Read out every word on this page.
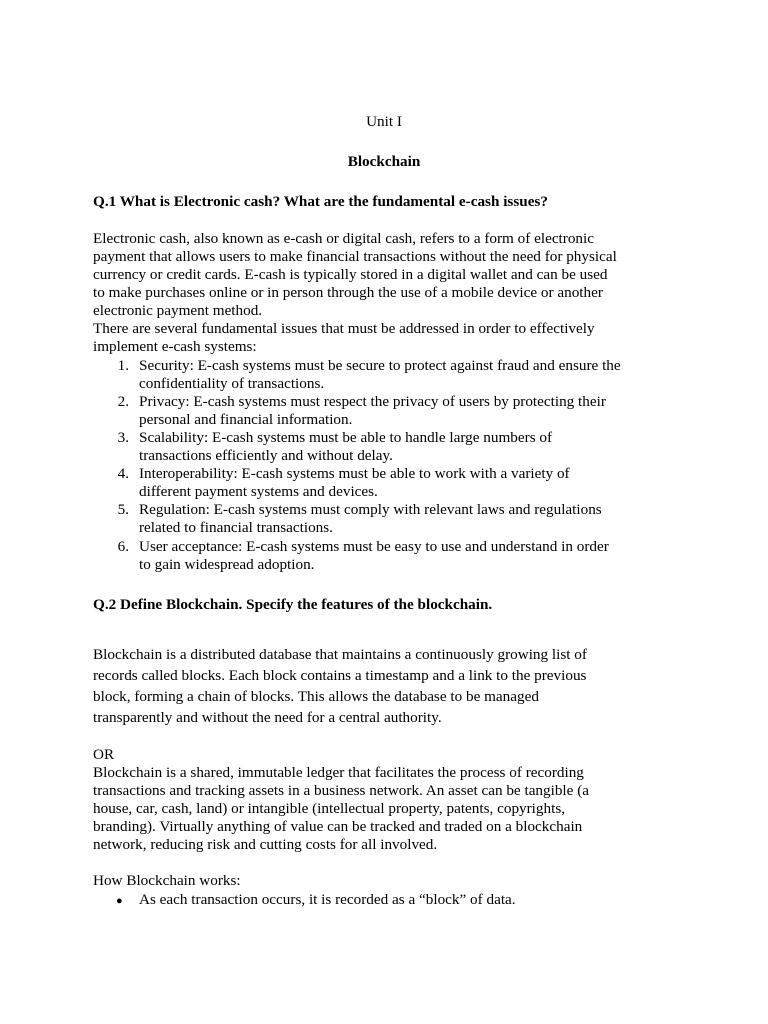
Unit I
Blockchain
Q.1 What is Electronic cash? What are the fundamental e-cash issues?
Electronic cash, also known as e-cash or digital cash, refers to a form of electronic
payment that allows users to make financial transactions without the need for physical
currency or credit cards. E-cash is typically stored in a digital wallet and can be used
to make purchases online or in person through the use of a mobile device or another
electronic payment method.
There are several fundamental issues that must be addressed in order to effectively
implement e-cash systems:
1. Security: E-cash systems must be secure to protect against fraud and ensure the
confidentiality of transactions.
2. Privacy: E-cash systems must respect the privacy of users by protecting their
personal and financial information.
3. Scalability: E-cash systems must be able to handle large numbers of
transactions efficiently and without delay.
4. Interoperability: E-cash systems must be able to work with a variety of
different payment systems and devices.
5. Regulation: E-cash systems must comply with relevant laws and regulations
related to financial transactions.
6. User acceptance: E-cash systems must be easy to use and understand in order
to gain widespread adoption.
Q.2 Define Blockchain. Specify the features of the blockchain.
Blockchain is a distributed database that maintains a continuously growing list of
records called blocks. Each block contains a timestamp and a link to the previous
block, forming a chain of blocks. This allows the database to be managed
transparently and without the need for a central authority.
OR
Blockchain is a shared, immutable ledger that facilitates the process of recording
transactions and tracking assets in a business network. An asset can be tangible (a
house, car, cash, land) or intangible (intellectual property, patents, copyrights,
branding). Virtually anything of value can be tracked and traded on a blockchain
network, reducing risk and cutting costs for all involved.
How Blockchain works:
● As each transaction occurs, it is recorded as a “block” of data.
